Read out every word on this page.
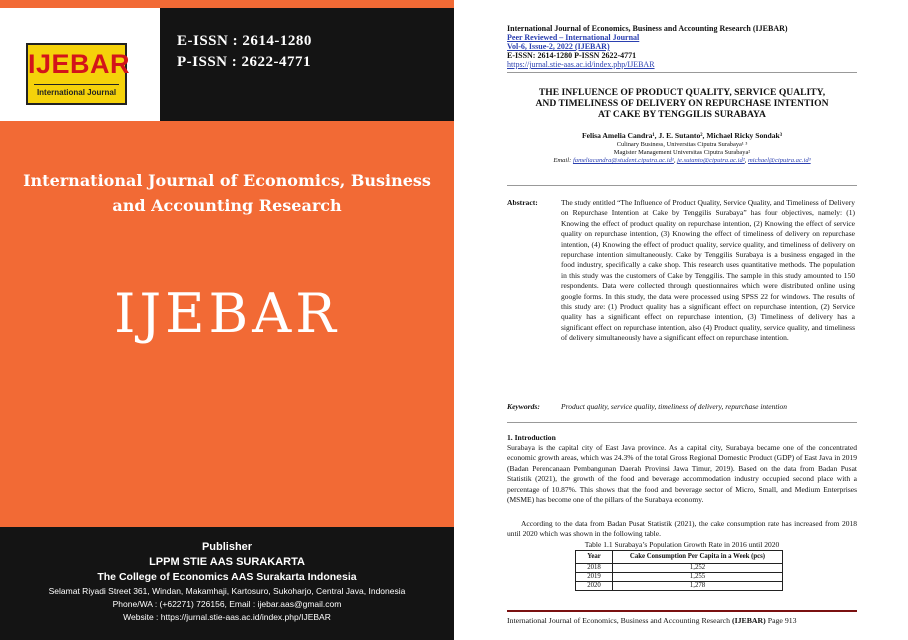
IJEBAR
International Journal
E-ISSN : 2614-1280
P-ISSN : 2622-4771
International Journal of Economics, Business
and Accounting Research
IJEBAR
Publisher
LPPM STIE AAS SURAKARTA
The College of Economics AAS Surakarta Indonesia
Selamat Riyadi Street 361, Windan, Makamhaji, Kartosuro, Sukoharjo, Central Java, Indonesia
Phone/WA : (+62271) 726156, Email : ijebar.aas@gmail.com
Website : https://jurnal.stie-aas.ac.id/index.php/IJEBAR
International Journal of Economics, Business and Accounting Research (IJEBAR)
Peer Reviewed – International Journal
Vol-6, Issue-2, 2022 (IJEBAR)
E-ISSN: 2614-1280 P-ISSN 2622-4771
https://jurnal.stie-aas.ac.id/index.php/IJEBAR
THE INFLUENCE OF PRODUCT QUALITY, SERVICE QUALITY,
AND TIMELINESS OF DELIVERY ON REPURCHASE INTENTION
AT CAKE BY TENGGILIS SURABAYA
Felisa Amelia Candra¹, J. E. Sutanto², Michael Ricky Sondak³
Culinary Business, Universitas Ciputra Surabaya¹ ³
Magister Management Universitas Ciputra Surabaya²
Email: fameliacandra@student.ciputra.ac.id¹, je.sutanto@ciputra.ac.id², michael@ciputra.ac.id³
Abstract:	The study entitled “The Influence of Product Quality, Service Quality, and Timeliness of Delivery on Repurchase Intention at Cake by Tenggilis Surabaya” has four objectives, namely: (1) Knowing the effect of product quality on repurchase intention, (2) Knowing the effect of service quality on repurchase intention, (3) Knowing the effect of timeliness of delivery on repurchase intention, (4) Knowing the effect of product quality, service quality, and timeliness of delivery on repurchase intention simultaneously. Cake by Tenggilis Surabaya is a business engaged in the food industry, specifically a cake shop. This research uses quantitative methods. The population in this study was the customers of Cake by Tenggilis. The sample in this study amounted to 150 respondents. Data were collected through questionnaires which were distributed online using google forms. In this study, the data were processed using SPSS 22 for windows. The results of this study are: (1) Product quality has a significant effect on repurchase intention, (2) Service quality has a significant effect on repurchase intention, (3) Timeliness of delivery has a significant effect on repurchase intention, also (4) Product quality, service quality, and timeliness of delivery simultaneously have a significant effect on repurchase intention.
Keywords:	Product quality, service quality, timeliness of delivery, repurchase intention
1. Introduction
Surabaya is the capital city of East Java province. As a capital city, Surabaya became one of the concentrated economic growth areas, which was 24.3% of the total Gross Regional Domestic Product (GDP) of East Java in 2019 (Badan Perencanaan Pembangunan Daerah Provinsi Jawa Timur, 2019). Based on the data from Badan Pusat Statistik (2021), the growth of the food and beverage accommodation industry occupied second place with a percentage of 10.87%. This shows that the food and beverage sector of Micro, Small, and Medium Enterprises (MSME) has become one of the pillars of the Surabaya economy.
According to the data from Badan Pusat Statistik (2021), the cake consumption rate has increased from 2018 until 2020 which was shown in the following table.
Table 1.1 Surabaya’s Population Growth Rate in 2016 until 2020
Year	Cake Consumption Per Capita in a Week (pcs)
2018	1,252
2019	1,255
2020	1,278
International Journal of Economics, Business and Accounting Research (IJEBAR) Page 913
